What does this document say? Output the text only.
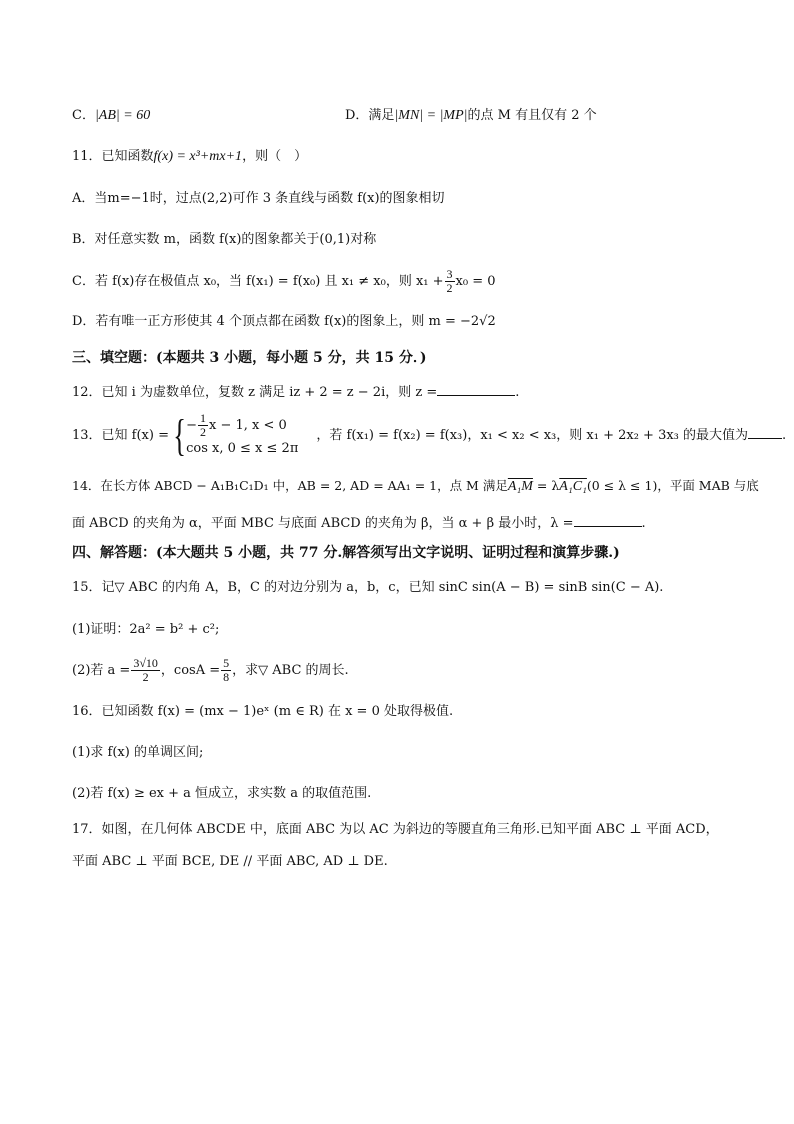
C．|AB| = 60	D．满足|MN| = |MP|的点 M 有且仅有 2 个
11．已知函数f(x) = x³+mx+1，则（　）
A．当m=−1时，过点(2,2)可作 3 条直线与函数 f(x)的图象相切
B．对任意实数 m，函数 f(x)的图象都关于(0,1)对称
C．若 f(x)存在极值点 x₀，当 f(x₁) = f(x₀) 且 x₁ ≠ x₀，则 $x_1 + \frac{3}{2} x_0 = 0$
D．若有唯一正方形使其 4 个顶点都在函数 f(x)的图象上，则 m = −2√2
三、填空题：(本题共 3 小题，每小题 5 分，共 15 分．)
12．已知 i 为虚数单位，复数 z 满足 iz + 2 = z − 2i，则 z =	.
13．已知 f(x) ={ − $\frac{1}{2}$ x − 1, x < 0
cos x, 0 ≤ x ≤ 2π
，若 f(x₁) = f(x₂) = f(x₃)，x₁ < x₂ < x₃，则 x₁ + 2x₂ + 3x₃ 的最大值为	.
14．在长方体 ABCD − A₁B₁C₁D₁ 中，AB = 2, AD = AA₁ = 1，点 M 满足A₁M = λA₁C₁(0 ≤ λ ≤ 1)，平面 MAB 与底
面 ABCD 的夹角为 α，平面 MBC 与底面 ABCD 的夹角为 β，当 α + β 最小时，λ =	.
四、解答题：(本大题共 5 小题，共 77 分.解答须写出文字说明、证明过程和演算步骤.)
15．记▽ ABC 的内角 A，B，C 的对边分别为 a，b，c，已知 sinC sin(A − B) = sinB sin(C − A).
(1)证明：2a² = b² + c²;
(2)若 $a = \frac{3√10}{2}$ ，$\cos A = \frac{5}{8}$ ，求▽ ABC 的周长.
16．已知函数 f(x) = (mx − 1)eˣ (m ∈ R) 在 x = 0 处取得极值.
(1)求 f(x) 的单调区间;
(2)若 f(x) ≥ ex + a 恒成立，求实数 a 的取值范围.
17．如图，在几何体 ABCDE 中，底面 ABC 为以 AC 为斜边的等腰直角三角形.已知平面 ABC ⊥ 平面 ACD，
平面 ABC ⊥ 平面 BCE, DE // 平面 ABC, AD ⊥ DE.
